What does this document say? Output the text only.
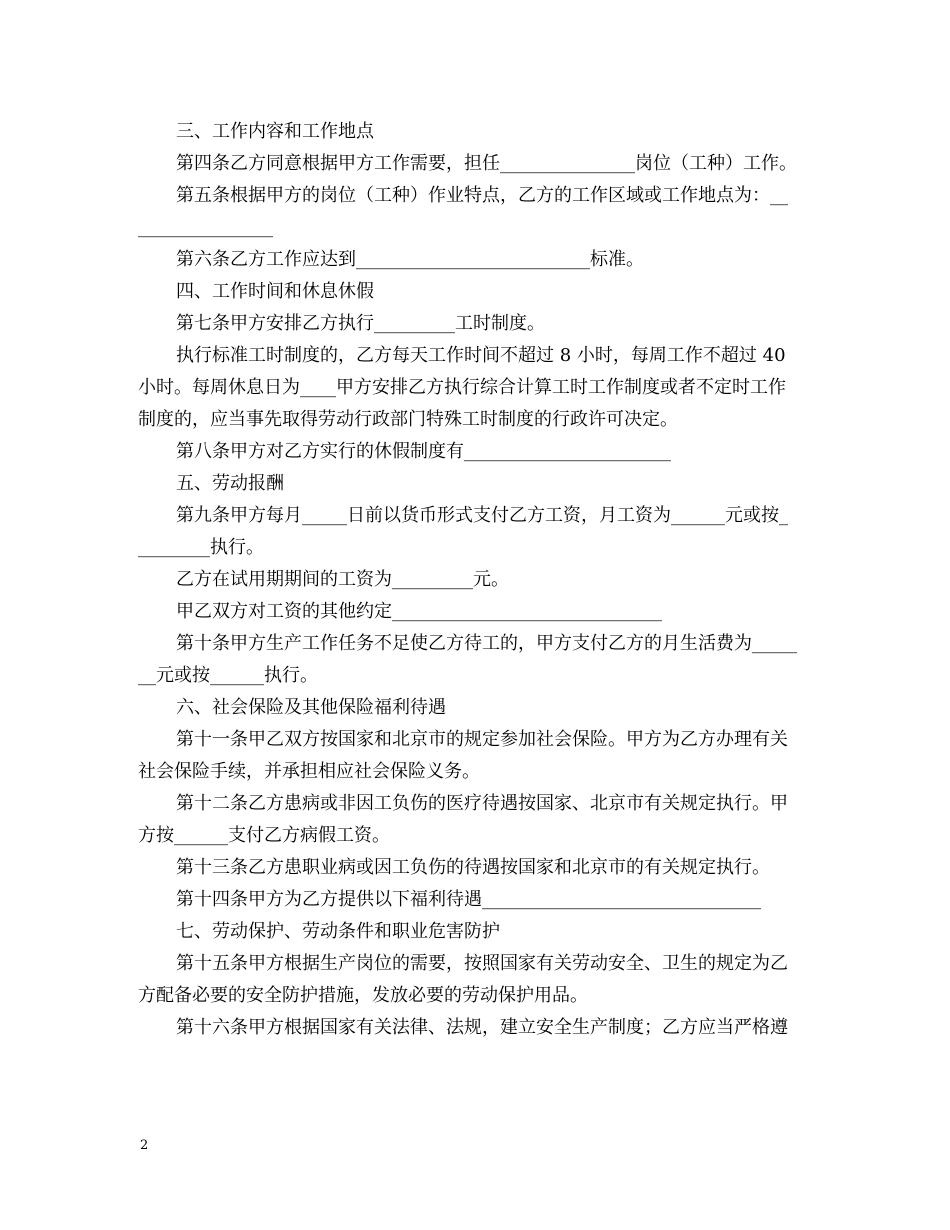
三、工作内容和工作地点
第四条乙方同意根据甲方工作需要，担任_______________岗位（工种）工作。
第五条根据甲方的岗位（工种）作业特点，乙方的工作区域或工作地点为：__
_______________
第六条乙方工作应达到__________________________标准。
四、工作时间和休息休假
第七条甲方安排乙方执行_________工时制度。
执行标准工时制度的，乙方每天工作时间不超过 8 小时，每周工作不超过 40
小时。每周休息日为____甲方安排乙方执行综合计算工时工作制度或者不定时工作
制度的，应当事先取得劳动行政部门特殊工时制度的行政许可决定。
第八条甲方对乙方实行的休假制度有_______________________
五、劳动报酬
第九条甲方每月_____日前以货币形式支付乙方工资，月工资为______元或按_
________执行。
乙方在试用期期间的工资为_________元。
甲乙双方对工资的其他约定______________________________
第十条甲方生产工作任务不足使乙方待工的，甲方支付乙方的月生活费为_____
__元或按______执行。
六、社会保险及其他保险福利待遇
第十一条甲乙双方按国家和北京市的规定参加社会保险。甲方为乙方办理有关
社会保险手续，并承担相应社会保险义务。
第十二条乙方患病或非因工负伤的医疗待遇按国家、北京市有关规定执行。甲
方按______支付乙方病假工资。
第十三条乙方患职业病或因工负伤的待遇按国家和北京市的有关规定执行。
第十四条甲方为乙方提供以下福利待遇_______________________________
七、劳动保护、劳动条件和职业危害防护
第十五条甲方根据生产岗位的需要，按照国家有关劳动安全、卫生的规定为乙
方配备必要的安全防护措施，发放必要的劳动保护用品。
第十六条甲方根据国家有关法律、法规，建立安全生产制度；乙方应当严格遵
2
